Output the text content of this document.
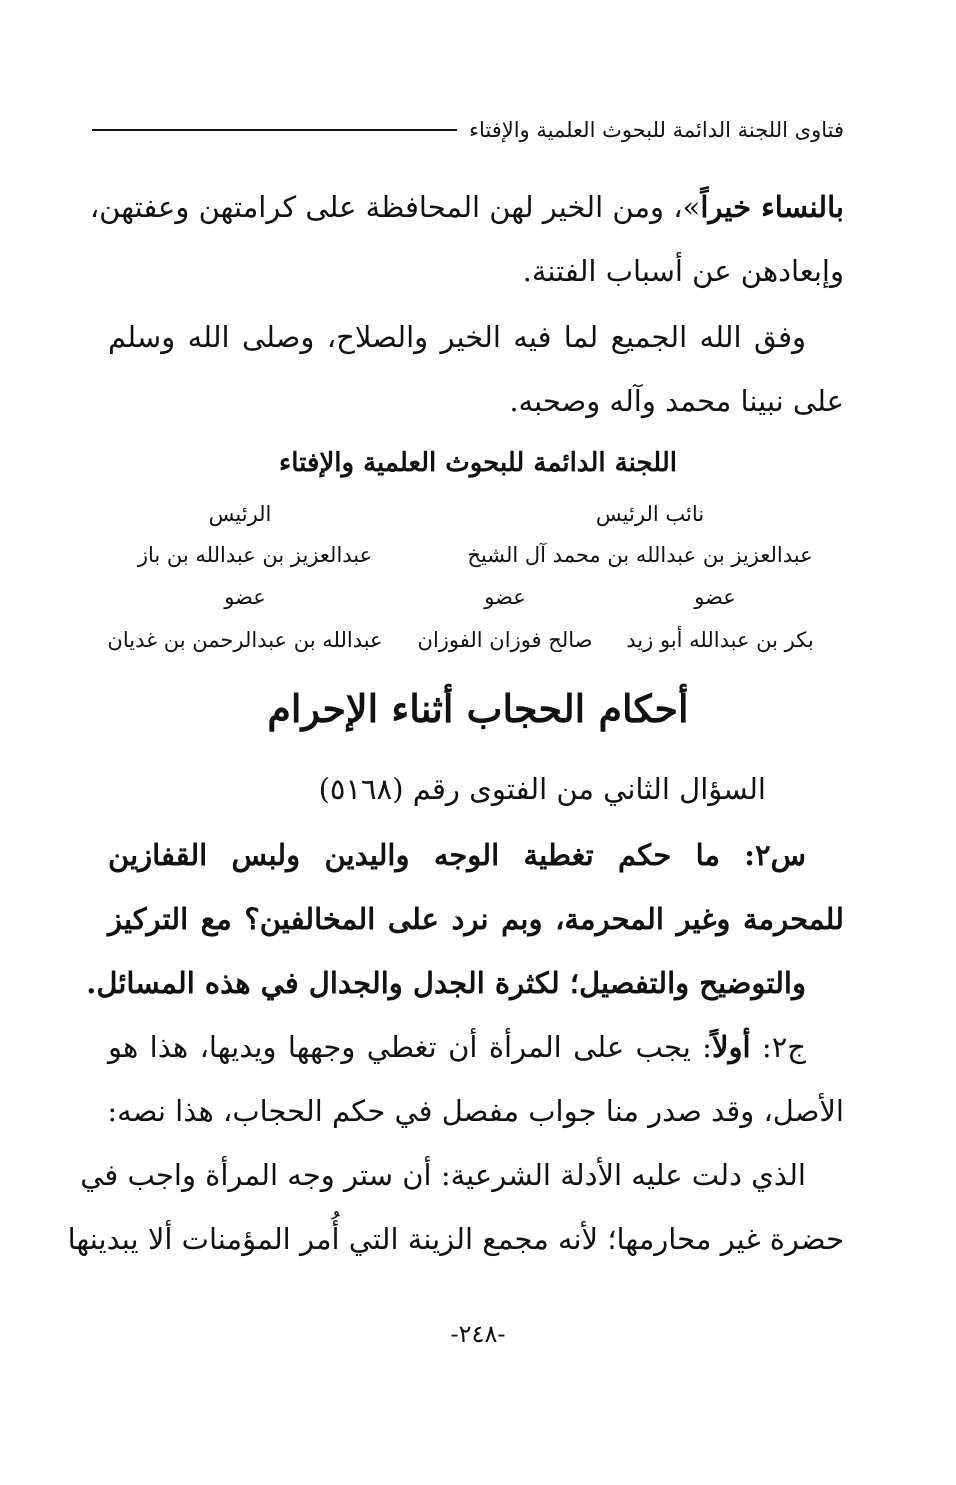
فتاوى اللجنة الدائمة للبحوث العلمية والإفتاء
بالنساء خيراً»، ومن الخير لهن المحافظة على كرامتهن وعفتهن،
وإبعادهن عن أسباب الفتنة.
وفق الله الجميع لما فيه الخير والصلاح، وصلى الله وسلم
على نبينا محمد وآله وصحبه.
اللجنة الدائمة للبحوث العلمية والإفتاء
نائب الرئيس
الرئيس
عبدالعزيز بن عبدالله بن محمد آل الشيخ
عبدالعزيز بن عبدالله بن باز
عضو
عضو
عضو
بكر بن عبدالله أبو زيد
صالح فوزان الفوزان
عبدالله بن عبدالرحمن بن غديان
أحكام الحجاب أثناء الإحرام
السؤال الثاني من الفتوى رقم (٥١٦٨)
س٢: ما حكم تغطية الوجه واليدين ولبس القفازين
للمحرمة وغير المحرمة، وبم نرد على المخالفين؟ مع التركيز
والتوضيح والتفصيل؛ لكثرة الجدل والجدال في هذه المسائل.
ج٢: أولاً: يجب على المرأة أن تغطي وجهها ويديها، هذا هو
الأصل، وقد صدر منا جواب مفصل في حكم الحجاب، هذا نصه:
الذي دلت عليه الأدلة الشرعية: أن ستر وجه المرأة واجب في
حضرة غير محارمها؛ لأنه مجمع الزينة التي أُمر المؤمنات ألا يبدينها
-٢٤٨-
